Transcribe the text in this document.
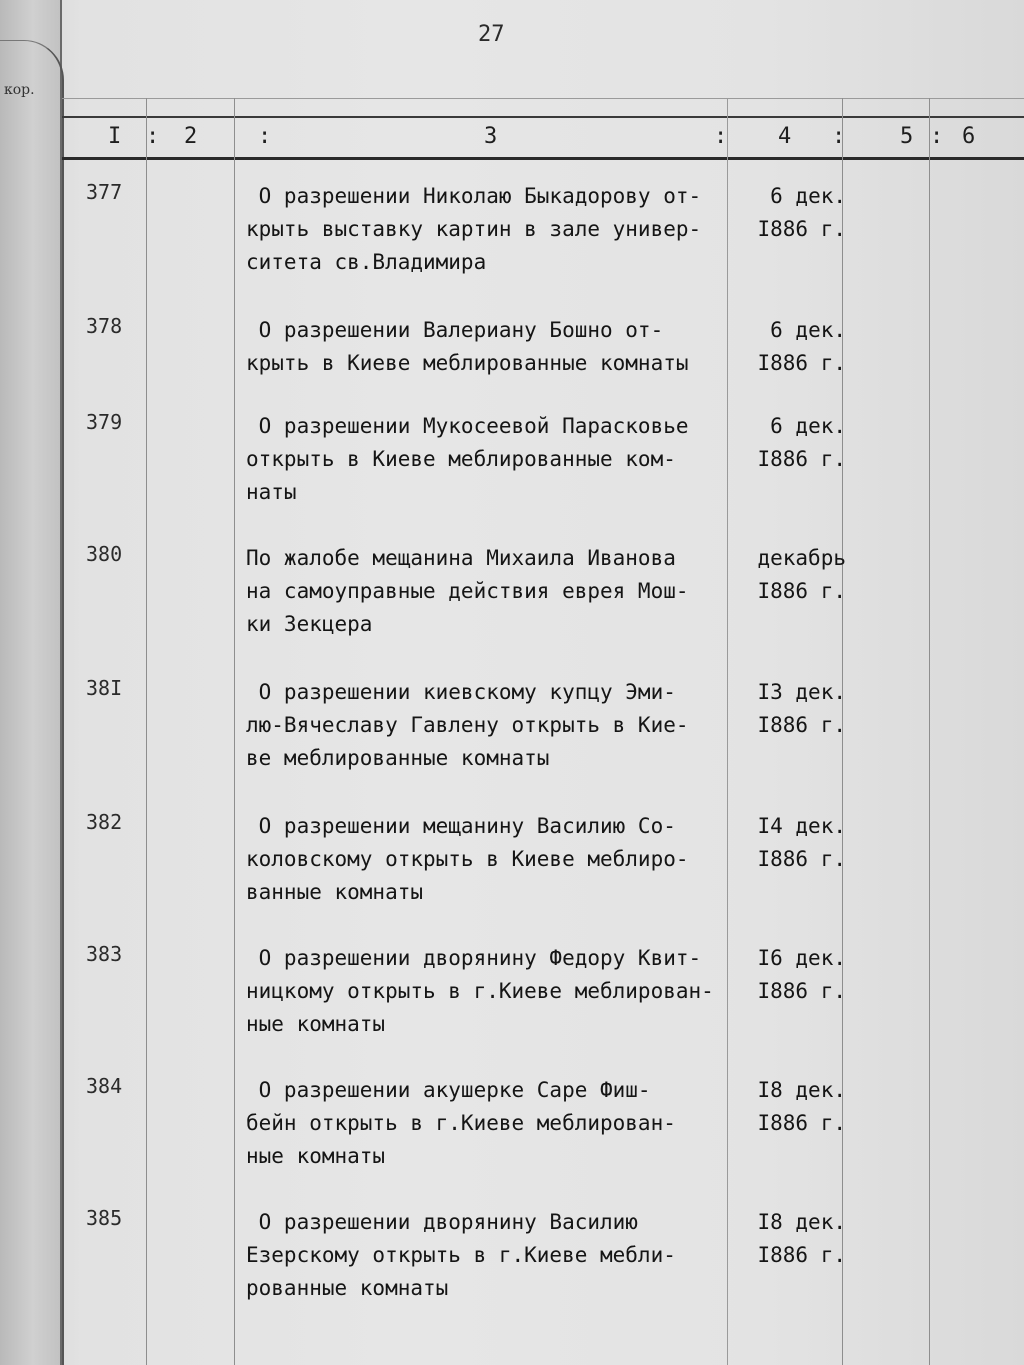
кор.
27
I : 2	:	3	: 4 : 5 : 6
377	О разрешении Николаю Быкадорову от-	6 дек.
крыть выставку картин в зале универ-	I886 г.
ситета св.Владимира
378	О разрешении Валериану Бошно от-	6 дек.
крыть в Киеве меблированные комнаты	I886 г.
379	О разрешении Мукосеевой Парасковье	6 дек.
открыть в Киеве меблированные ком-	I886 г.
наты
380	По жалобе мещанина Михаила Иванова	декабрь
на самоуправные действия еврея Мош-	I886 г.
ки Зекцера
38I	О разрешении киевскому купцу Эми-	I3 дек.
лю-Вячеславу Гавлену открыть в Кие-	I886 г.
ве меблированные комнаты
382	О разрешении мещанину Василию Со-	I4 дек.
коловскому открыть в Киеве меблиро-	I886 г.
ванные комнаты
383	О разрешении дворянину Федору Квит-	I6 дек.
ницкому открыть в г.Киеве меблирован- I886 г.
ные комнаты
384	О разрешении акушерке Саре Фиш-	I8 дек.
бейн открыть в г.Киеве меблирован-	I886 г.
ные комнаты
385	О разрешении дворянину Василию	I8 дек.
Езерскому открыть в г.Киеве мебли-	I886 г.
рованные комнаты
